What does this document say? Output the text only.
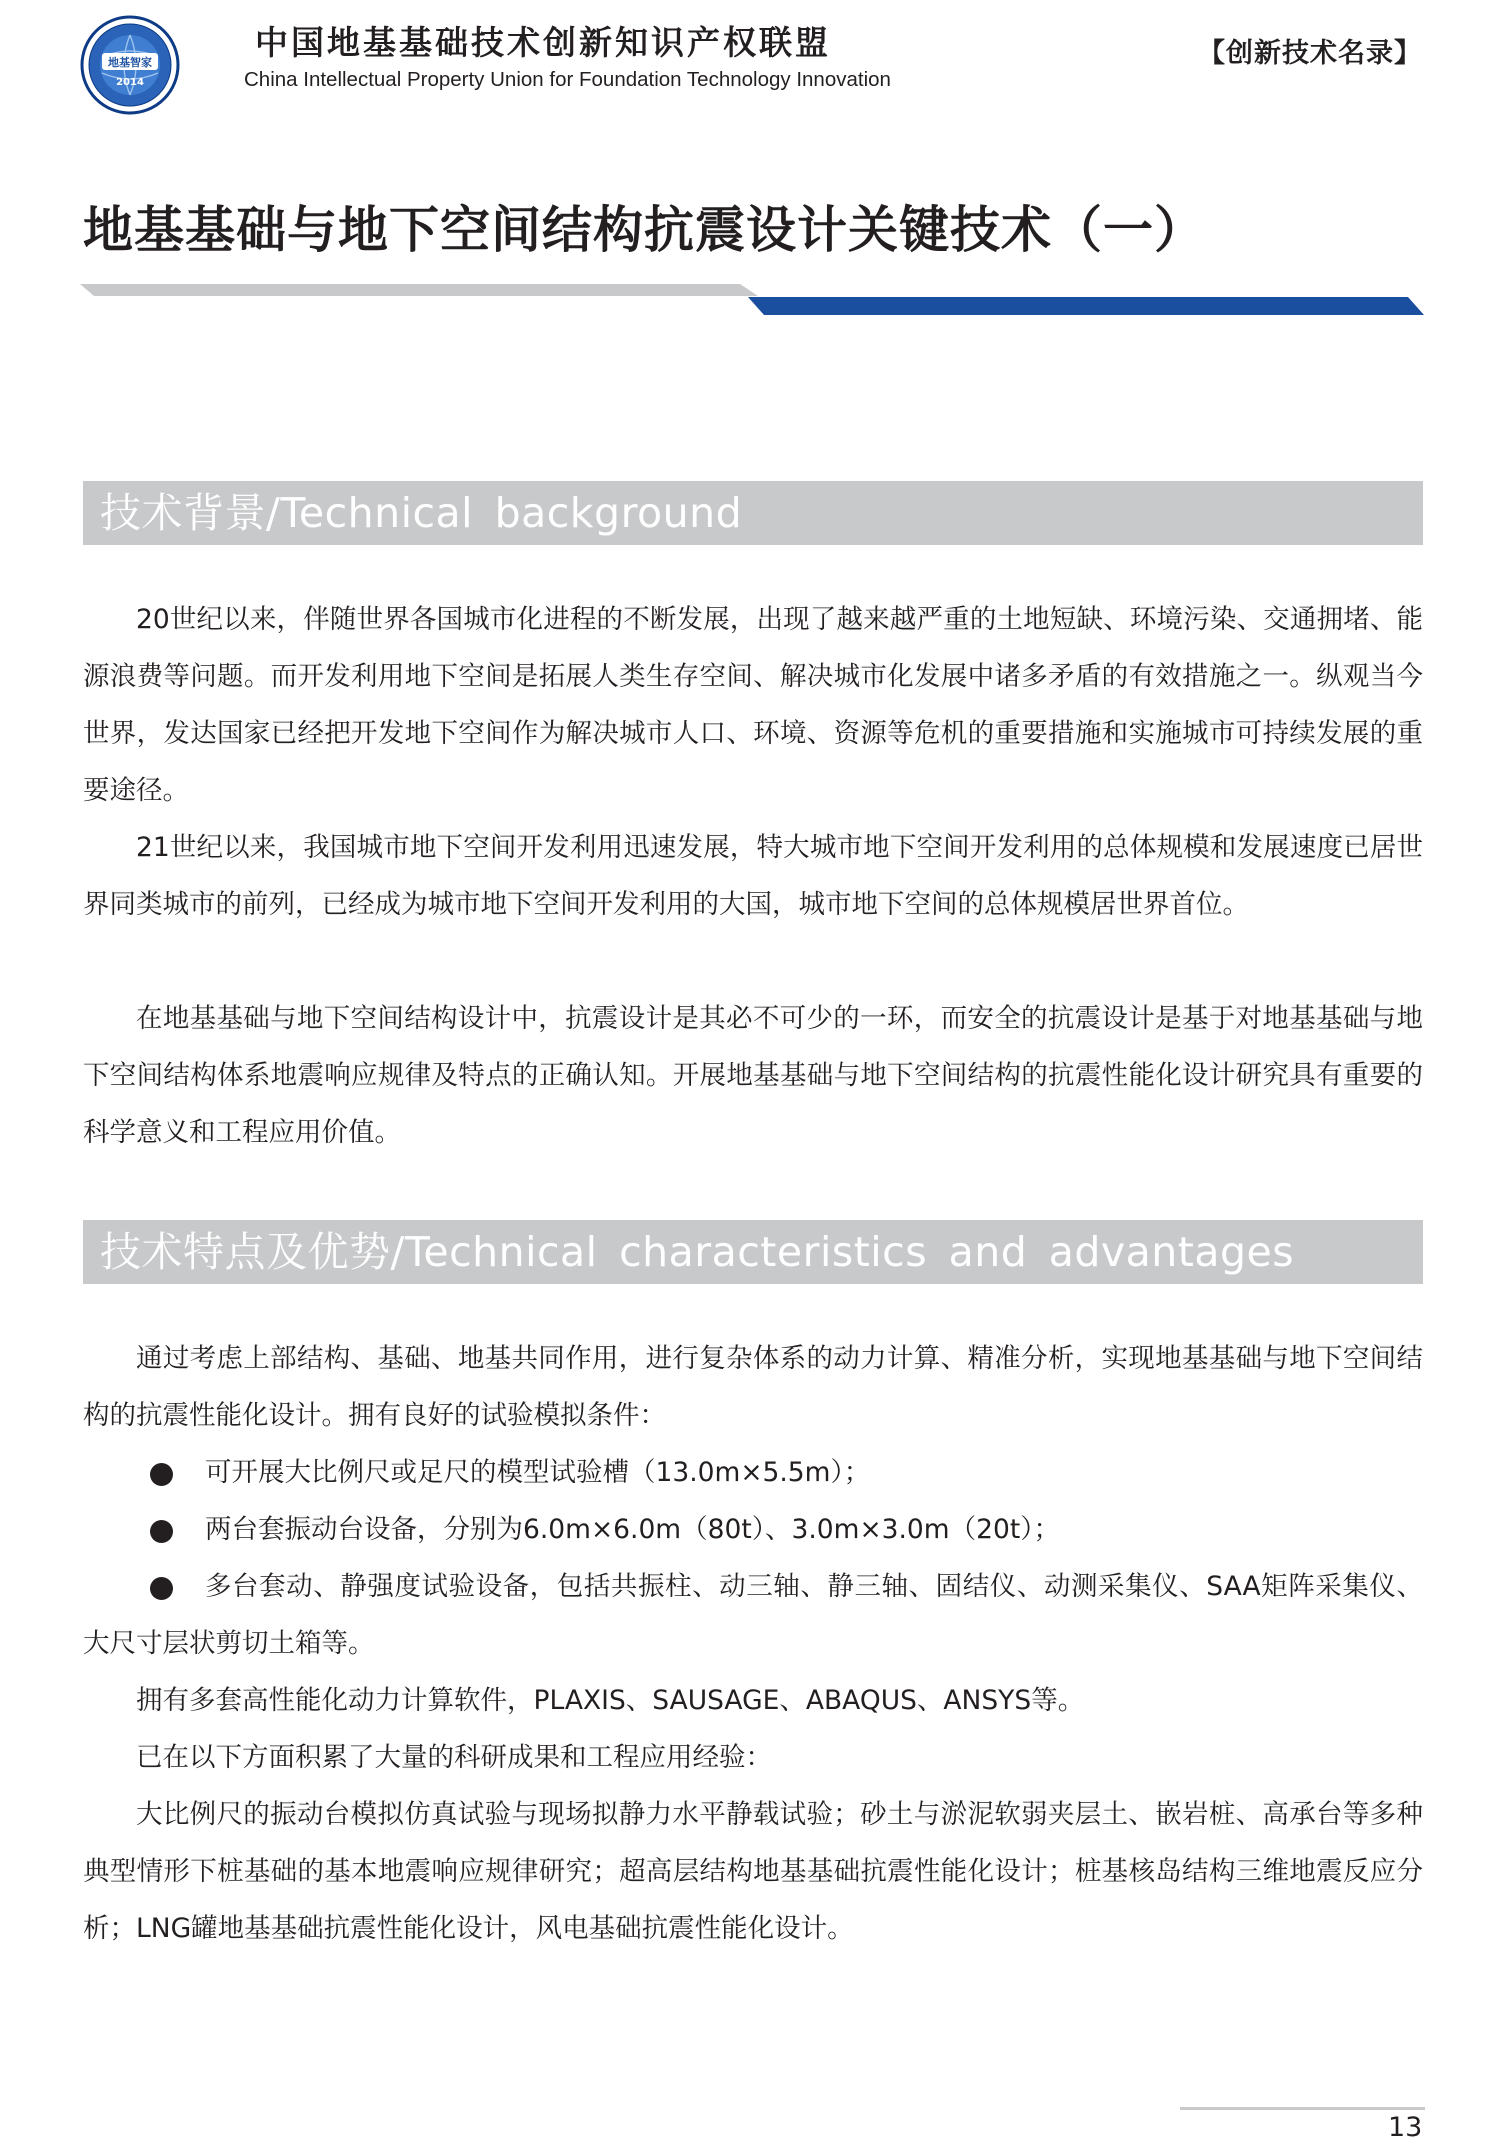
地基智家
2014
中国地基基础技术创新知识产权联盟
China Intellectual Property Union for Foundation Technology Innovation
【创新技术名录】
地基基础与地下空间结构抗震设计关键技术（一）
技术背景/Technical background

20世纪以来，伴随世界各国城市化进程的不断发展，出现了越来越严重的土地短缺、环境污染、交通拥堵、能源浪费等问题。而开发利用地下空间是拓展人类生存空间、解决城市化发展中诸多矛盾的有效措施之一。纵观当今世界，发达国家已经把开发地下空间作为解决城市人口、环境、资源等危机的重要措施和实施城市可持续发展的重要途径。

21世纪以来，我国城市地下空间开发利用迅速发展，特大城市地下空间开发利用的总体规模和发展速度已居世界同类城市的前列，已经成为城市地下空间开发利用的大国，城市地下空间的总体规模居世界首位。

在地基基础与地下空间结构设计中，抗震设计是其必不可少的一环，而安全的抗震设计是基于对地基基础与地下空间结构体系地震响应规律及特点的正确认知。开展地基基础与地下空间结构的抗震性能化设计研究具有重要的科学意义和工程应用价值。

技术特点及优势/Technical characteristics and advantages

通过考虑上部结构、基础、地基共同作用，进行复杂体系的动力计算、精准分析，实现地基基础与地下空间结构的抗震性能化设计。拥有良好的试验模拟条件：

可开展大比例尺或足尺的模型试验槽（13.0m×5.5m）；
两台套振动台设备，分别为6.0m×6.0m（80t）、3.0m×3.0m（20t）；
多台套动、静强度试验设备，包括共振柱、动三轴、静三轴、固结仪、动测采集仪、SAA矩阵采集仪、大尺寸层状剪切土箱等。

拥有多套高性能化动力计算软件，PLAXIS、SAUSAGE、ABAQUS、ANSYS等。

已在以下方面积累了大量的科研成果和工程应用经验：

大比例尺的振动台模拟仿真试验与现场拟静力水平静载试验；砂土与淤泥软弱夹层土、嵌岩桩、高承台等多种典型情形下桩基础的基本地震响应规律研究；超高层结构地基基础抗震性能化设计；桩基核岛结构三维地震反应分析；LNG罐地基基础抗震性能化设计，风电基础抗震性能化设计。

13
